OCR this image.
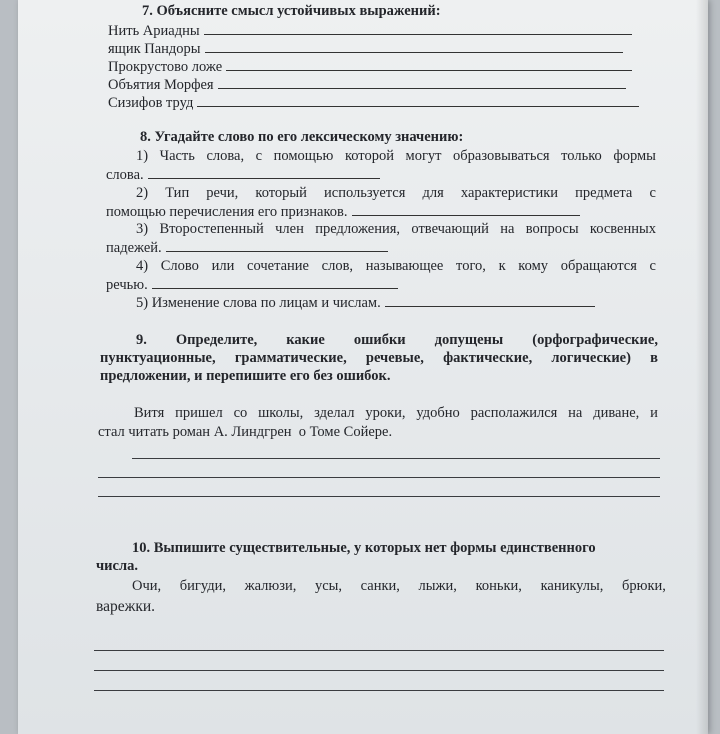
7. Объясните смысл устойчивых выражений:
Нить Ариадны
ящик Пандоры
Прокрустово ложе
Объятия Морфея
Сизифов труд
8. Угадайте слово по его лексическому значению:
1) Часть слова, с помощью которой могут образовываться только формы
слова.
2) Тип речи, который используется для характеристики предмета с
помощью перечисления его признаков.
3) Второстепенный член предложения, отвечающий на вопросы косвенных
падежей.
4) Слово или сочетание слов, называющее того, к кому обращаются с
речью.
5) Изменение слова по лицам и числам.
9. Определите, какие ошибки допущены (орфографические,
пунктуационные, грамматические, речевые, фактические, логические) в
предложении, и перепишите его без ошибок.
Витя пришел со школы, зделал уроки, удобно располажился на диване, и
стал читать роман А. Линдгрен  о Томе Сойере.
10. Выпишите существительные, у которых нет формы единственного
числа.
Очи, бигуди, жалюзи, усы, санки, лыжи, коньки, каникулы, брюки,
варежки.
